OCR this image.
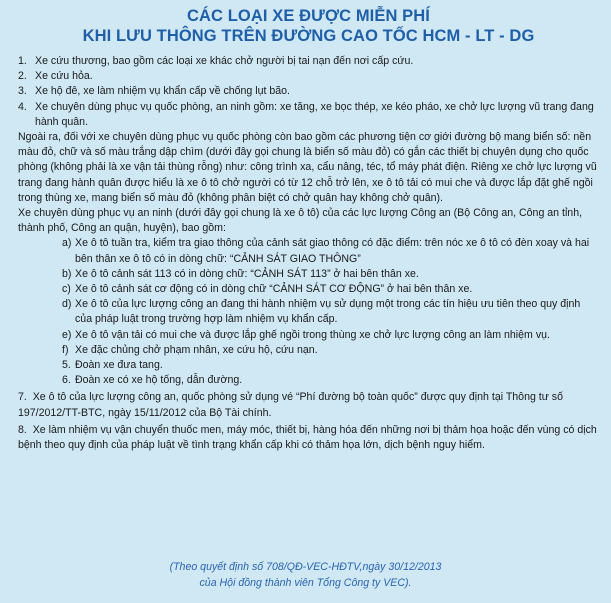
CÁC LOẠI XE ĐƯỢC MIỄN PHÍ
KHI LƯU THÔNG TRÊN ĐƯỜNG CAO TỐC HCM - LT - DG
1. Xe cứu thương, bao gồm các loại xe khác chở người bị tai nạn đến nơi cấp cứu.
2. Xe cứu hỏa.
3. Xe hộ đê, xe làm nhiệm vụ khẩn cấp về chống lụt bão.
4. Xe chuyên dùng phục vụ quốc phòng, an ninh gồm: xe tăng, xe bọc thép, xe kéo pháo, xe chở lực lượng vũ trang đang hành quân.
Ngoài ra, đối với xe chuyên dùng phục vụ quốc phòng còn bao gồm các phương tiện cơ giới đường bộ mang biển số: nền màu đỏ, chữ và số màu trắng dập chìm (dưới đây gọi chung là biển số màu đỏ) có gắn các thiết bị chuyên dụng cho quốc phòng (không phải là xe vận tải thùng rỗng) như: công trình xa, cẩu nâng, téc, tổ máy phát điện. Riêng xe chở lực lượng vũ trang đang hành quân được hiểu là xe ô tô chở người có từ 12 chỗ trở lên, xe ô tô tải có mui che và được lắp đặt ghế ngồi trong thùng xe, mang biển số màu đỏ (không phân biệt có chở quân hay không chở quân).
Xe chuyên dùng phục vụ an ninh (dưới đây gọi chung là xe ô tô) của các lực lượng Công an (Bộ Công an, Công an tỉnh, thành phố, Công an quận, huyện), bao gồm:
a) Xe ô tô tuần tra, kiểm tra giao thông của cảnh sát giao thông có đặc điểm: trên nóc xe ô tô có đèn xoay và hai bên thân xe ô tô có in dòng chữ: “CẢNH SÁT GIAO THÔNG”
b) Xe ô tô cảnh sát 113 có in dòng chữ: “CẢNH SÁT 113” ở hai bên thân xe.
c) Xe ô tô cảnh sát cơ động có in dòng chữ “CẢNH SÁT CƠ ĐỘNG” ở hai bên thân xe.
d) Xe ô tô của lực lượng công an đang thi hành nhiệm vụ sử dụng một trong các tín hiệu ưu tiên theo quy định của pháp luật trong trường hợp làm nhiệm vụ khẩn cấp.
e) Xe ô tô vận tải có mui che và được lắp ghế ngồi trong thùng xe chở lực lượng công an làm nhiệm vụ.
f) Xe đặc chủng chở phạm nhân, xe cứu hộ, cứu nạn.
5. Đoàn xe đưa tang.
6. Đoàn xe có xe hộ tống, dẫn đường.
7. Xe ô tô của lực lượng công an, quốc phòng sử dụng vé “Phí đường bộ toàn quốc” được quy định tại Thông tư số 197/2012/TT-BTC, ngày 15/11/2012 của Bộ Tài chính.
8. Xe làm nhiệm vụ vận chuyển thuốc men, máy móc, thiết bị, hàng hóa đến những nơi bị thảm họa hoặc đến vùng có dịch bệnh theo quy định của pháp luật về tình trạng khẩn cấp khi có thảm họa lớn, dịch bệnh nguy hiểm.
(Theo quyết định số 708/QĐ-VEC-HĐTV,ngày 30/12/2013
của Hội đồng thành viên Tổng Công ty VEC).
